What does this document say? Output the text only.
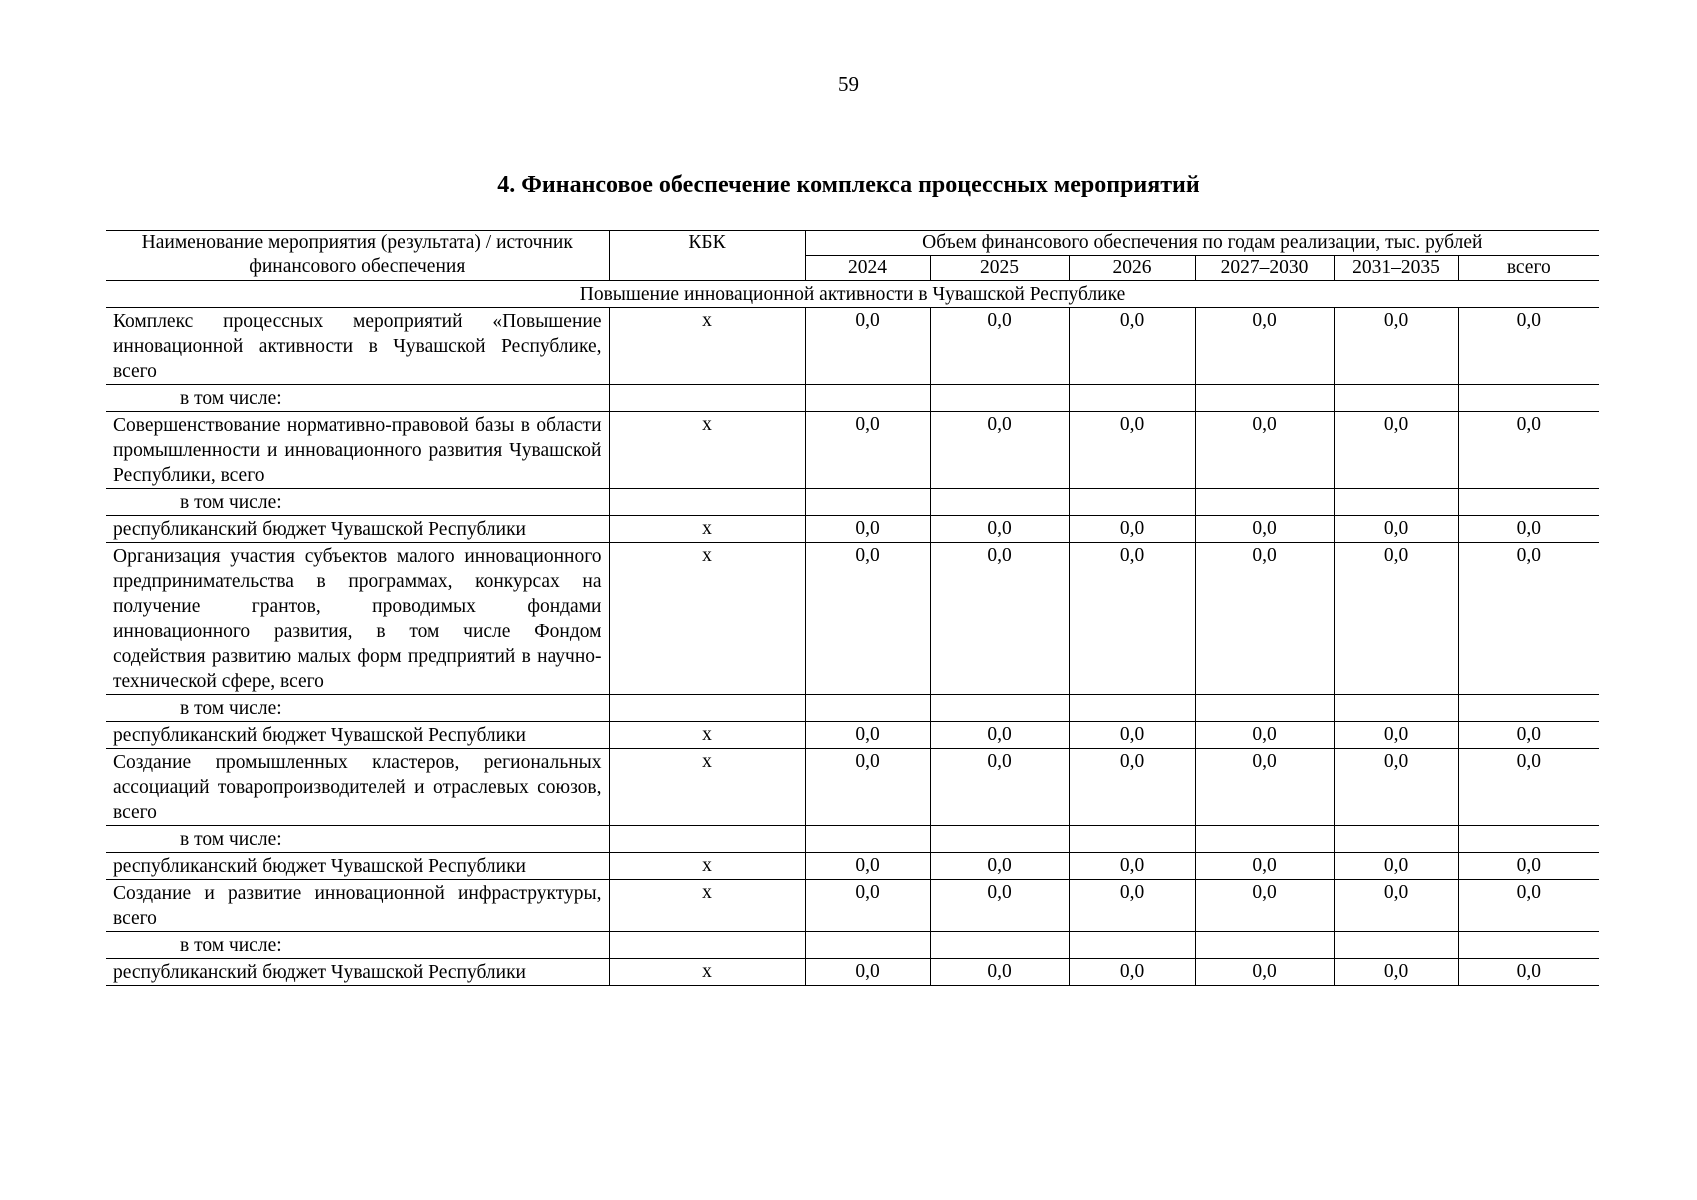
59
4. Финансовое обеспечение комплекса процессных мероприятий
Наименование мероприятия (результата) / источник финансового обеспечения	КБК	Объем финансового обеспечения по годам реализации, тыс. рублей					
		2024	2025	2026	2027–2030	2031–2035	всего
Повышение инновационной активности в Чувашской Республике							
Комплекс процессных мероприятий «Повышение инновационной активности в Чувашской Республике, всего	х	0,0	0,0	0,0	0,0	0,0	0,0
в том числе:							
Совершенствование нормативно-правовой базы в области промышленности и инновационного развития Чувашской Республики, всего	х	0,0	0,0	0,0	0,0	0,0	0,0
в том числе:							
республиканский бюджет Чувашской Республики	х	0,0	0,0	0,0	0,0	0,0	0,0
Организация участия субъектов малого инновационного предпринимательства в программах, конкурсах на получение грантов, проводимых фондами инновационного развития, в том числе Фондом содействия развитию малых форм предприятий в научно-технической сфере, всего	х	0,0	0,0	0,0	0,0	0,0	0,0
в том числе:							
республиканский бюджет Чувашской Республики	х	0,0	0,0	0,0	0,0	0,0	0,0
Создание промышленных кластеров, региональных ассоциаций товаропроизводителей и отраслевых союзов, всего	х	0,0	0,0	0,0	0,0	0,0	0,0
в том числе:							
республиканский бюджет Чувашской Республики	х	0,0	0,0	0,0	0,0	0,0	0,0
Создание и развитие инновационной инфраструктуры, всего	х	0,0	0,0	0,0	0,0	0,0	0,0
в том числе:							
республиканский бюджет Чувашской Республики	х	0,0	0,0	0,0	0,0	0,0	0,0
